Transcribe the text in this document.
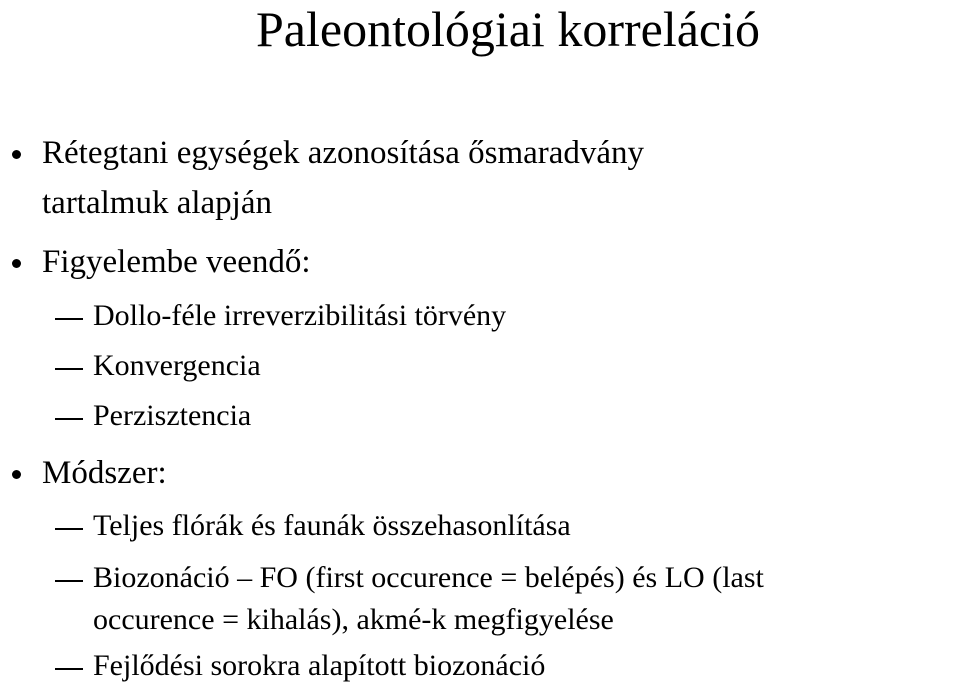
Paleontológiai korreláció
Rétegtani egységek azonosítása ősmaradvány
tartalmuk alapján
Figyelembe veendő:
Dollo-féle irreverzibilitási törvény
Konvergencia
Perzisztencia
Módszer:
Teljes flórák és faunák összehasonlítása
Biozonáció – FO (first occurence = belépés) és LO (last
occurence = kihalás), akmé-k megfigyelése
Fejlődési sorokra alapított biozonáció
